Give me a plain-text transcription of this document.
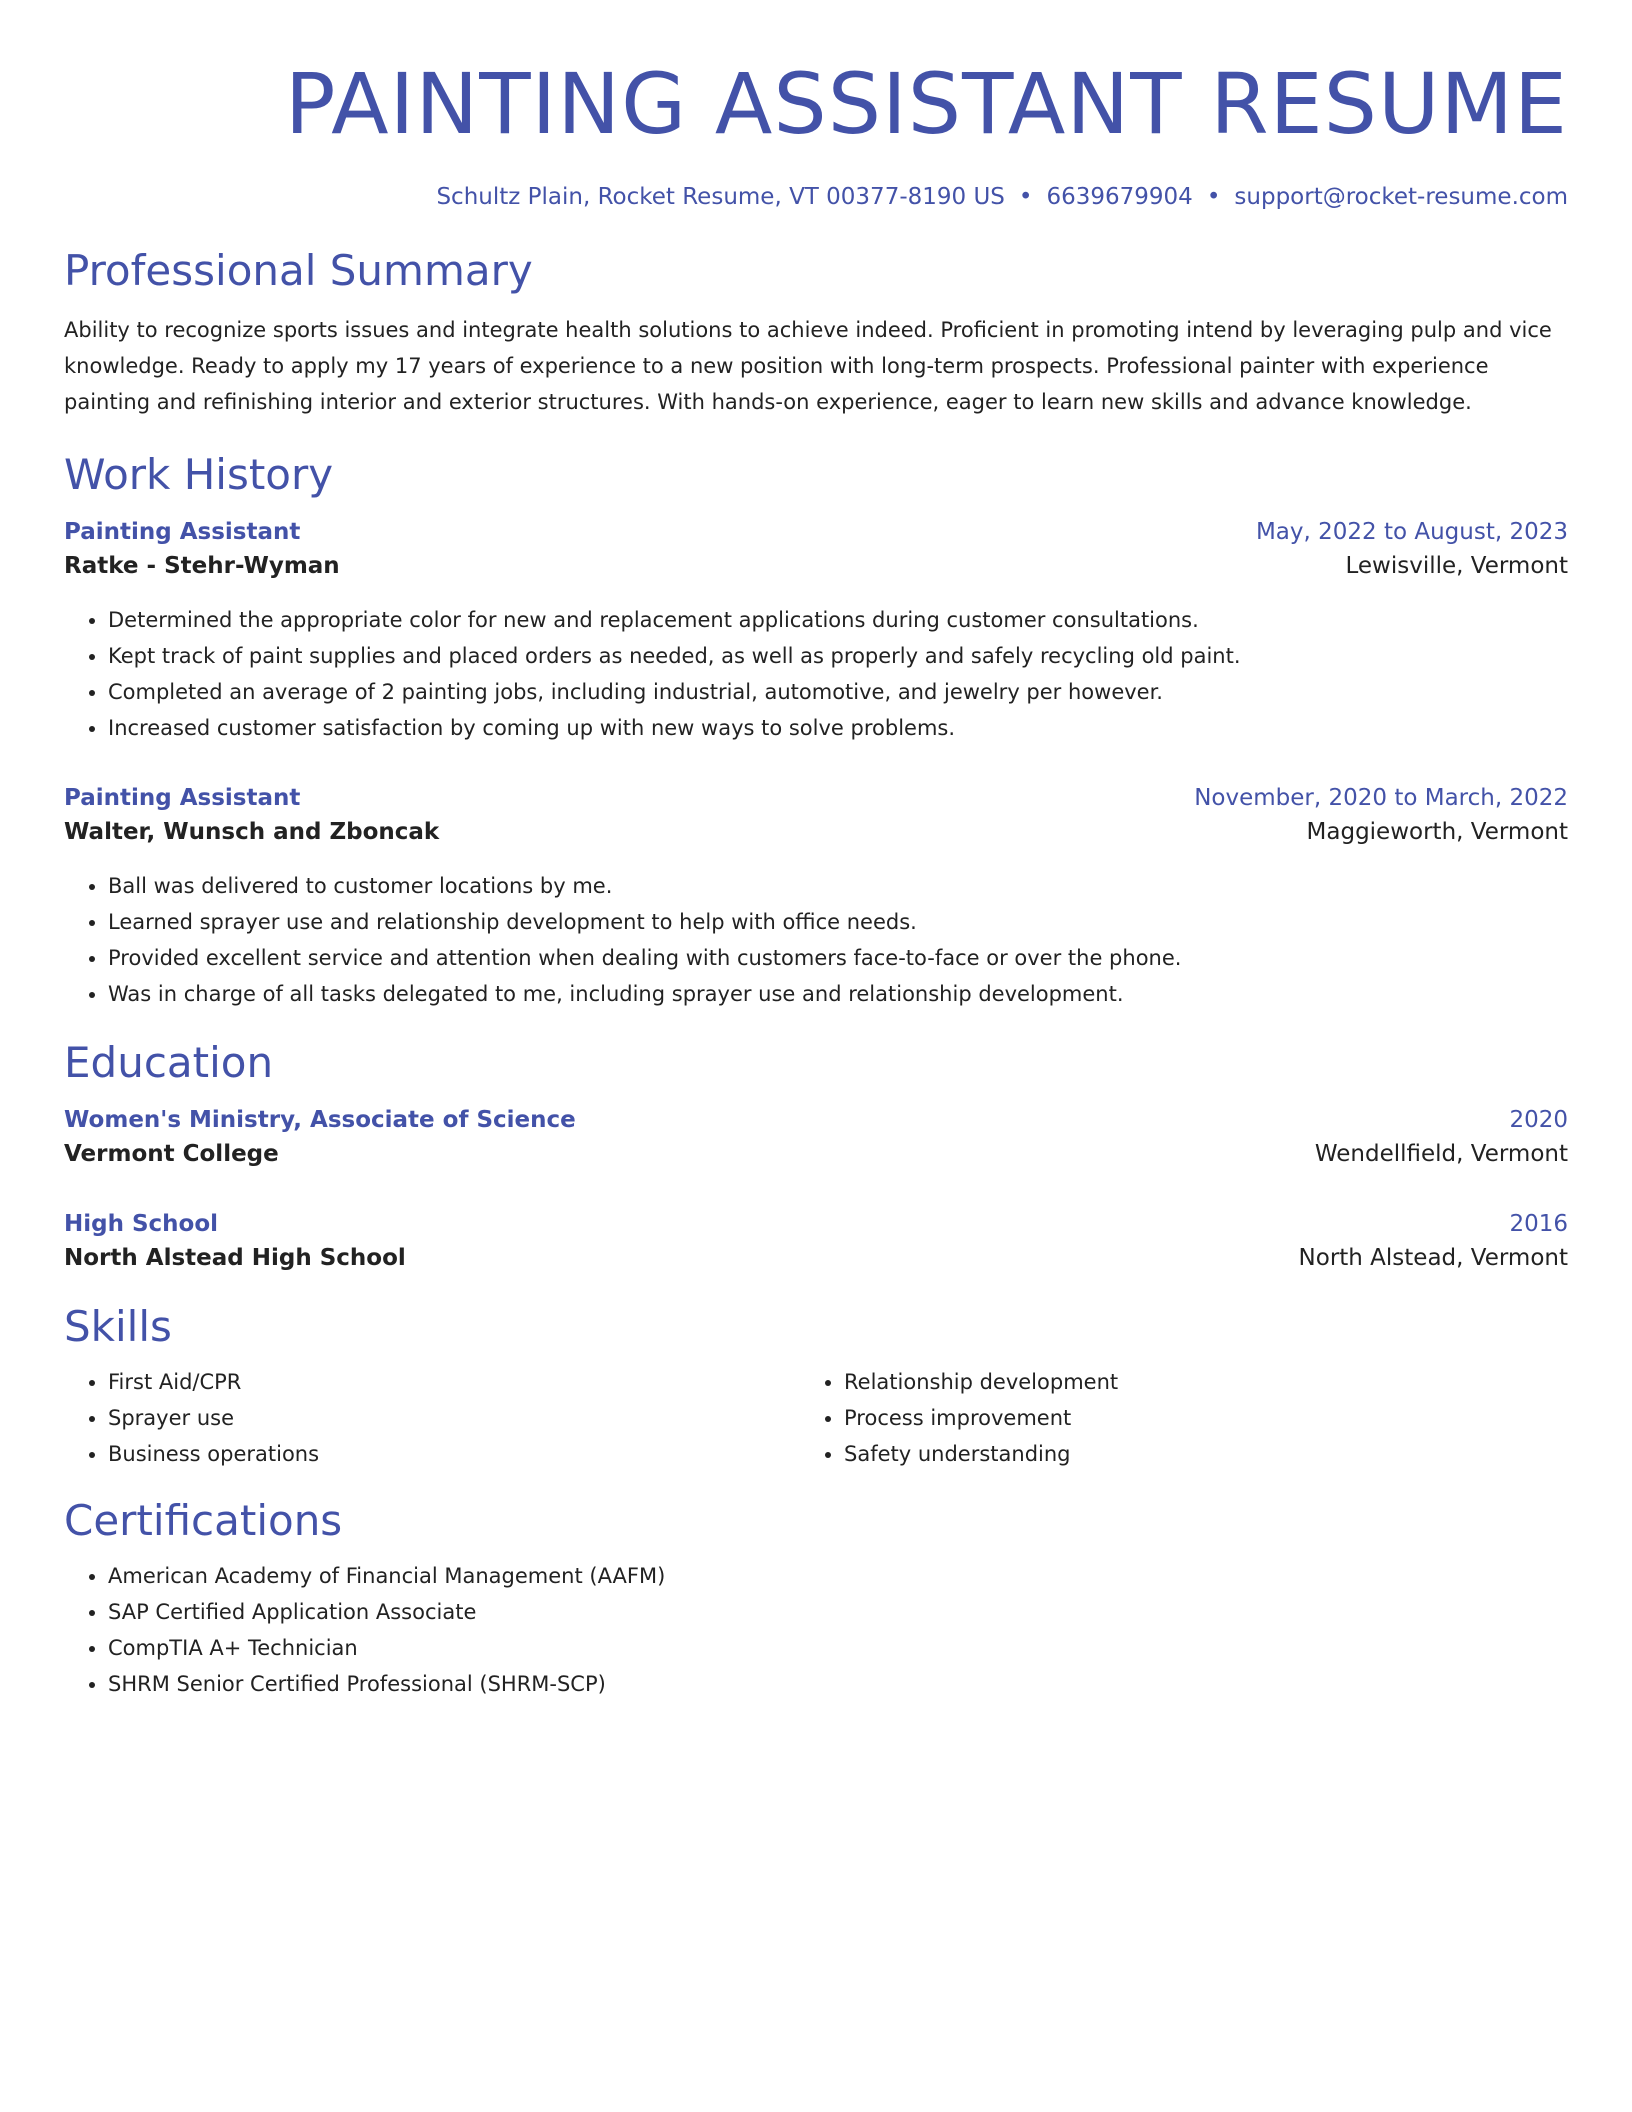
PAINTING ASSISTANT RESUME
Schultz Plain, Rocket Resume, VT 00377-8190 US • 6639679904 • support@rocket-resume.com
Professional Summary

Ability to recognize sports issues and integrate health solutions to achieve indeed. Proficient in promoting intend by leveraging pulp and vice knowledge. Ready to apply my 17 years of experience to a new position with long-term prospects. Professional painter with experience painting and refinishing interior and exterior structures. With hands-on experience, eager to learn new skills and advance knowledge.

Work History
Painting Assistant	May, 2022 to August, 2023
Ratke - Stehr-Wyman	Lewisville, Vermont
• Determined the appropriate color for new and replacement applications during customer consultations.
• Kept track of paint supplies and placed orders as needed, as well as properly and safely recycling old paint.
• Completed an average of 2 painting jobs, including industrial, automotive, and jewelry per however.
• Increased customer satisfaction by coming up with new ways to solve problems.
Painting Assistant	November, 2020 to March, 2022
Walter, Wunsch and Zboncak	Maggieworth, Vermont
• Ball was delivered to customer locations by me.
• Learned sprayer use and relationship development to help with office needs.
• Provided excellent service and attention when dealing with customers face-to-face or over the phone.
• Was in charge of all tasks delegated to me, including sprayer use and relationship development.
Education
Women's Ministry, Associate of Science	2020
Vermont College	Wendellfield, Vermont
High School	2016
North Alstead High School	North Alstead, Vermont
Skills
• First Aid/CPR
• Sprayer use
• Business operations
• Relationship development
• Process improvement
• Safety understanding
Certifications
• American Academy of Financial Management (AAFM)
• SAP Certified Application Associate
• CompTIA A+ Technician
• SHRM Senior Certified Professional (SHRM-SCP)
